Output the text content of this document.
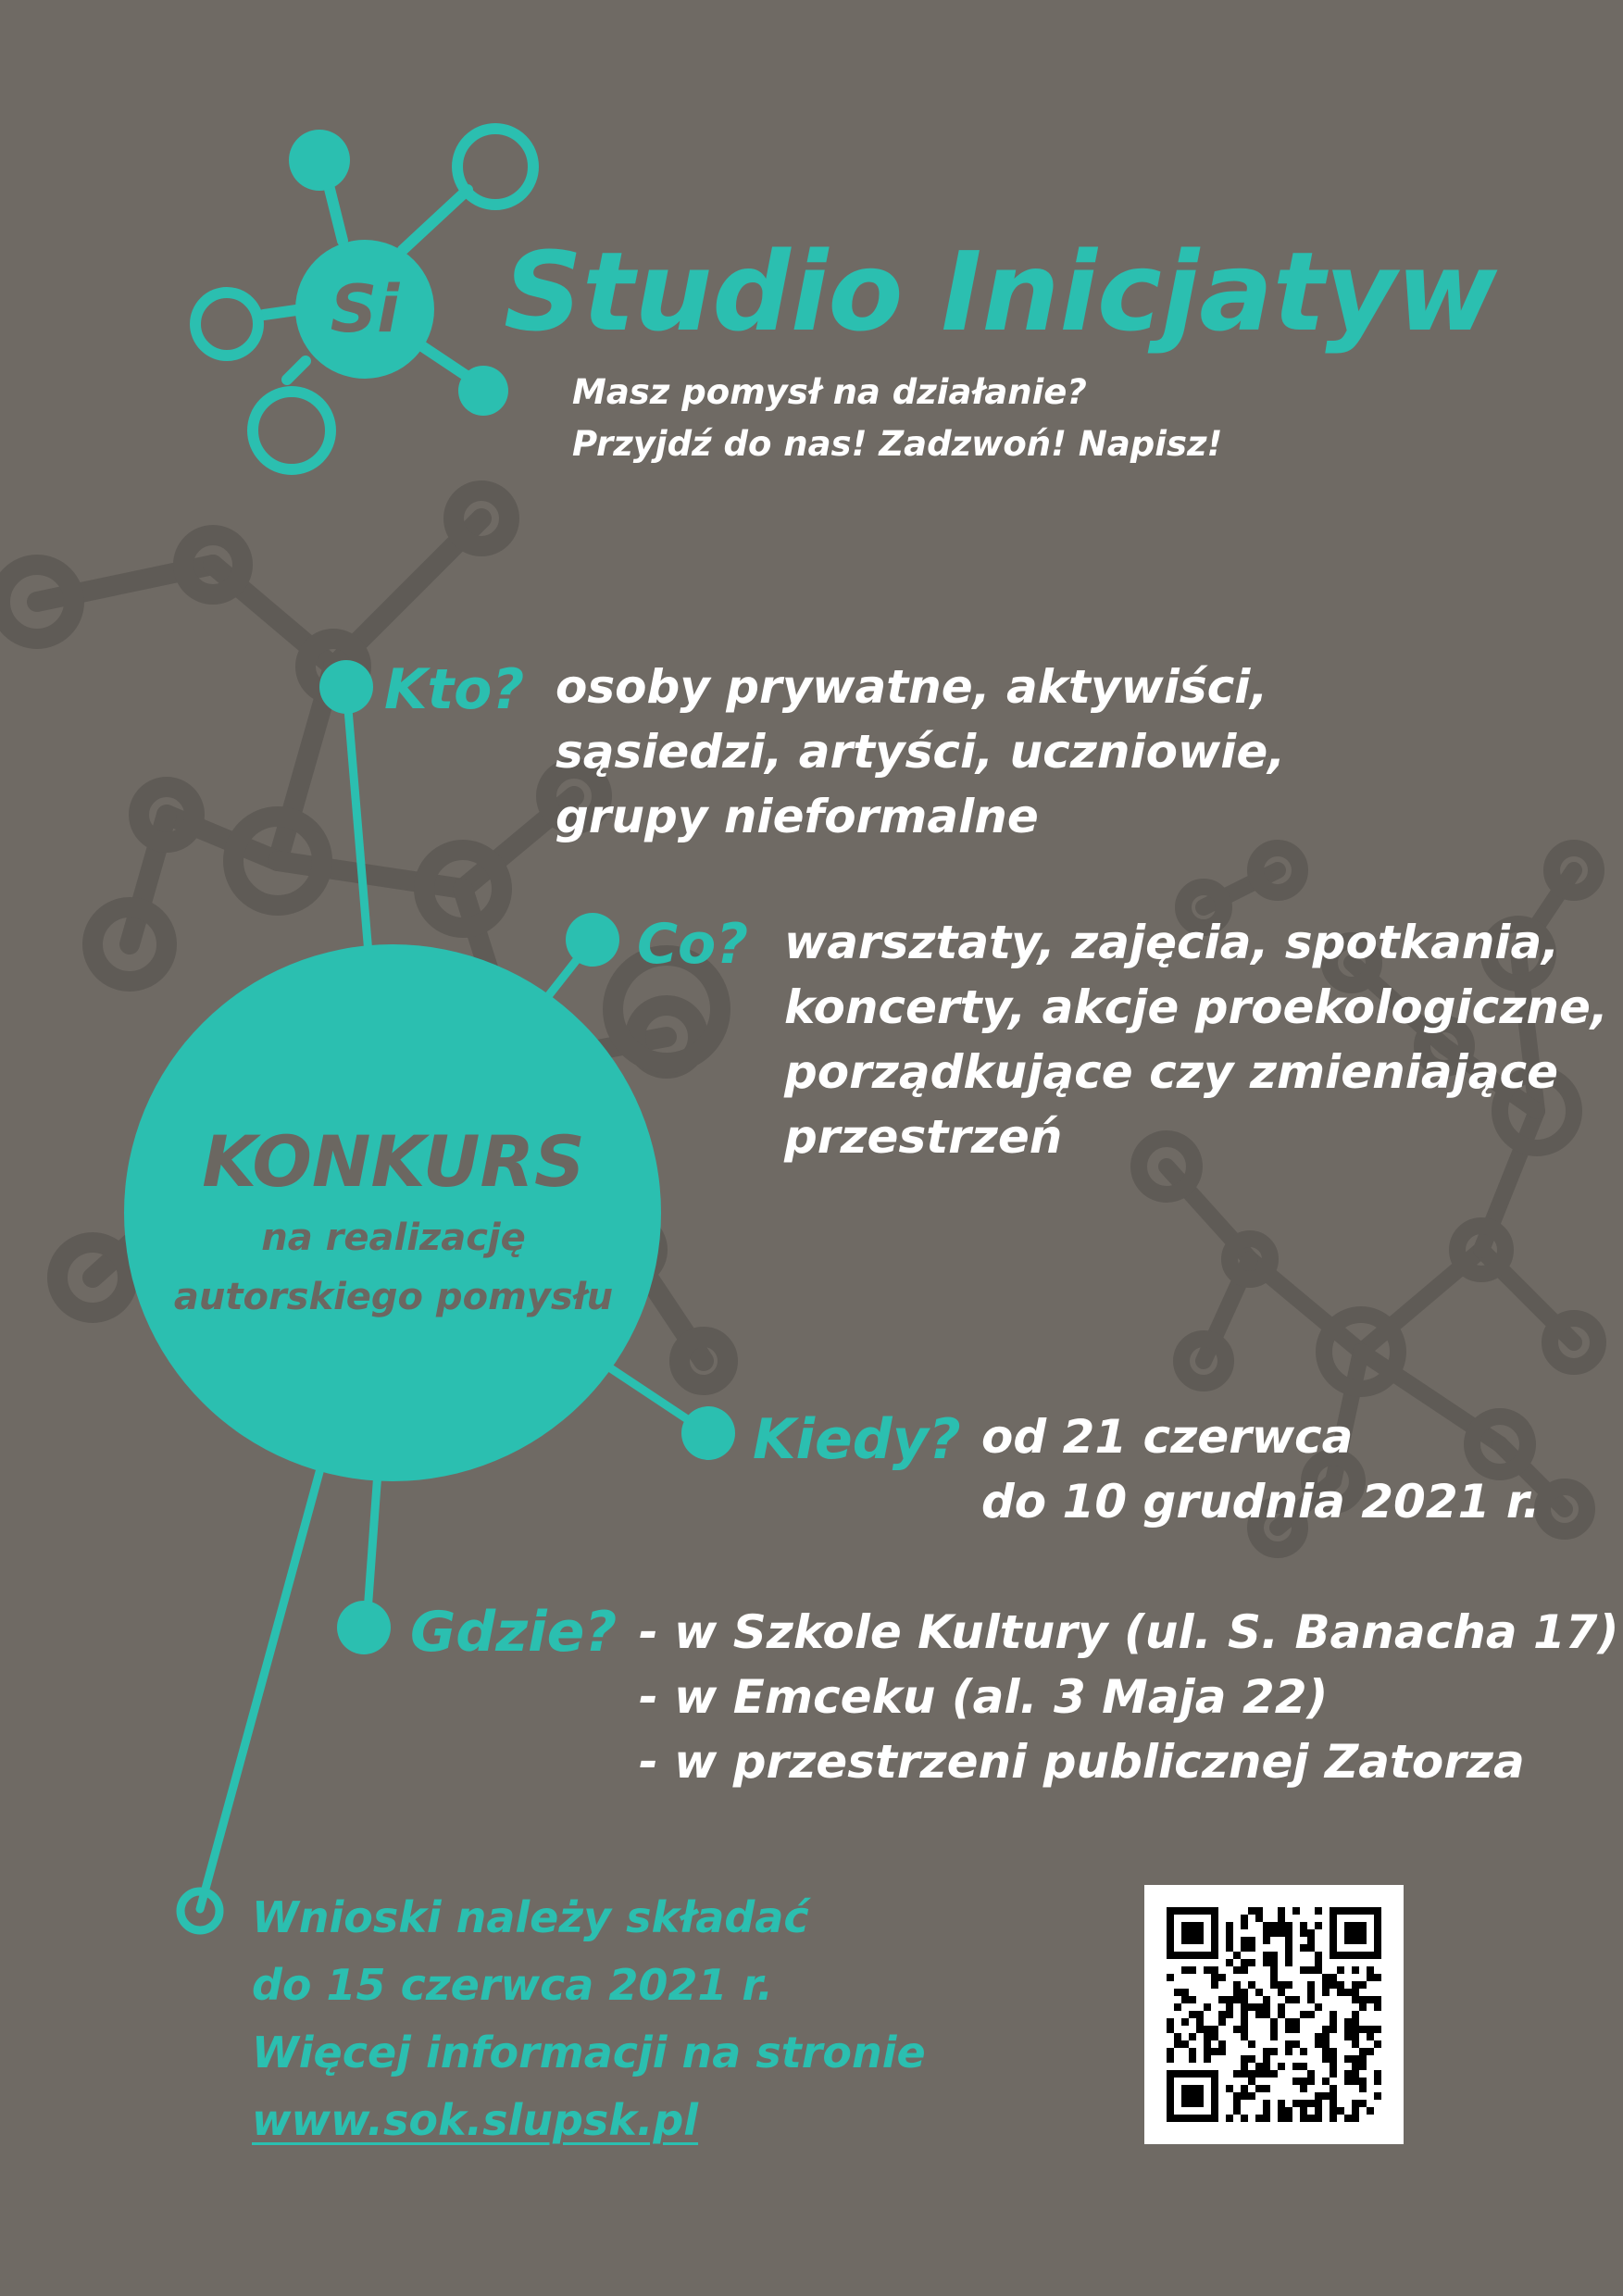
Si Studio Inicjatyw
Masz pomysł na działanie?
Przyjdź do nas! Zadzwoń! Napisz!
Kto? osoby prywatne, aktywiści,
sąsiedzi, artyści, uczniowie,
grupy nieformalne
Co? warsztaty, zajęcia, spotkania,
koncerty, akcje proekologiczne,
porządkujące czy zmieniające
przestrzeń
KONKURS
na realizację
autorskiego pomysłu
Kiedy? od 21 czerwca
do 10 grudnia 2021 r.
Gdzie? - w Szkole Kultury (ul. S. Banacha 17)
- w Emceku (al. 3 Maja 22)
- w przestrzeni publicznej Zatorza
Wnioski należy składać
do 15 czerwca 2021 r.
Więcej informacji na stronie
www.sok.slupsk.pl
